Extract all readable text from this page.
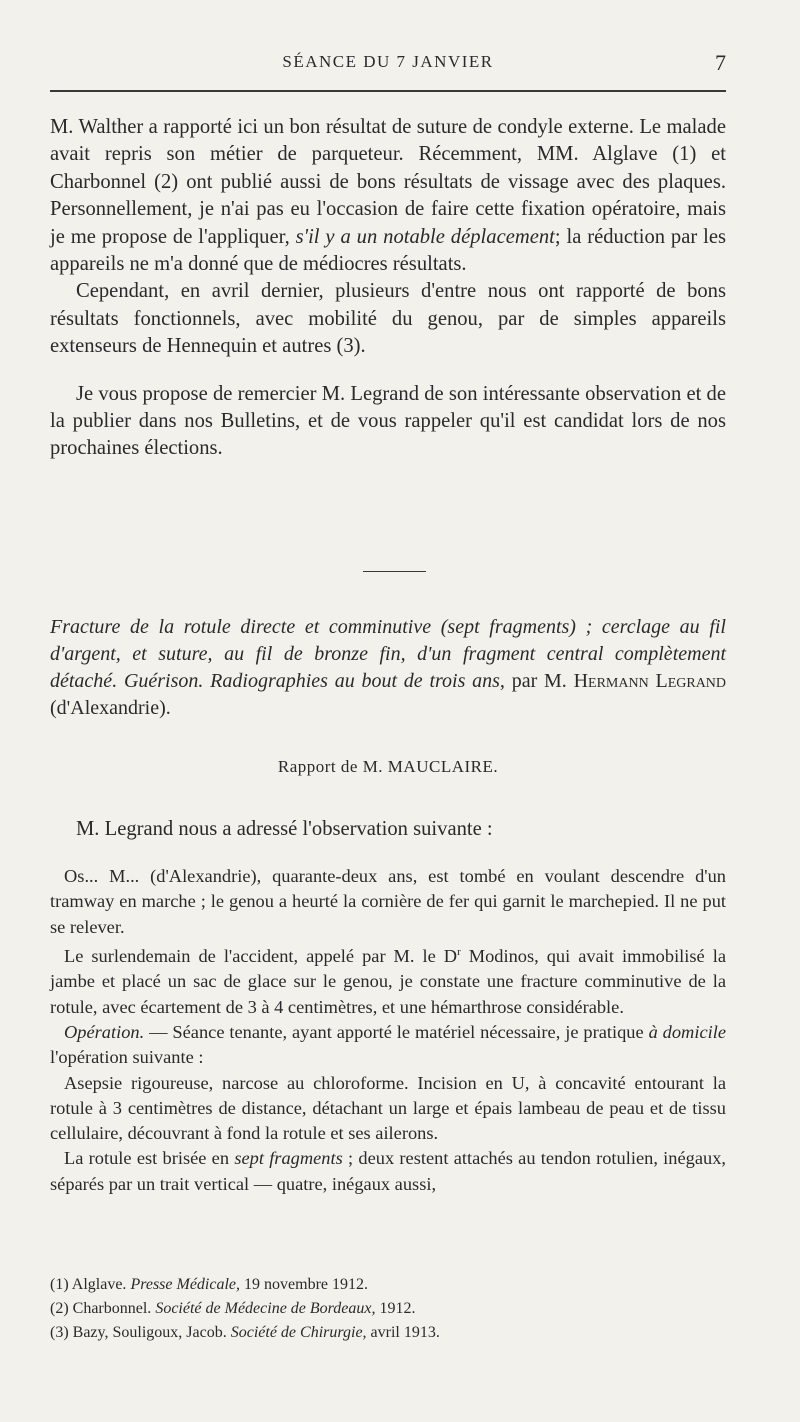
SÉANCE DU 7 JANVIER	7

M. Walther a rapporté ici un bon résultat de suture de condyle externe. Le malade avait repris son métier de parqueteur. Récemment, MM. Alglave (1) et Charbonnel (2) ont publié aussi de bons résultats de vissage avec des plaques. Personnellement, je n'ai pas eu l'occasion de faire cette fixation opératoire, mais je me propose de l'appliquer, s'il y a un notable déplacement; la réduction par les appareils ne m'a donné que de médiocres résultats.

Cependant, en avril dernier, plusieurs d'entre nous ont rapporté de bons résultats fonctionnels, avec mobilité du genou, par de simples appareils extenseurs de Hennequin et autres (3).

Je vous propose de remercier M. Legrand de son intéressante observation et de la publier dans nos Bulletins, et de vous rappeler qu'il est candidat lors de nos prochaines élections.

Fracture de la rotule directe et comminutive (sept fragments) ; cerclage au fil d'argent, et suture, au fil de bronze fin, d'un fragment central complètement détaché. Guérison. Radiographies au bout de trois ans, par M. Hermann Legrand (d'Alexandrie).
Rapport de M. MAUCLAIRE.
M. Legrand nous a adressé l'observation suivante :

Os... M... (d'Alexandrie), quarante-deux ans, est tombé en voulant descendre d'un tramway en marche ; le genou a heurté la cornière de fer qui garnit le marchepied. Il ne put se relever.

Le surlendemain de l'accident, appelé par M. le $D^r$ Modinos, qui avait immobilisé la jambe et placé un sac de glace sur le genou, je constate une fracture comminutive de la rotule, avec écartement de 3 à 4 centimètres, et une hémarthrose considérable.

Opération. — Séance tenante, ayant apporté le matériel nécessaire, je pratique à domicile l'opération suivante :

Asepsie rigoureuse, narcose au chloroforme. Incision en U, à concavité entourant la rotule à 3 centimètres de distance, détachant un large et épais lambeau de peau et de tissu cellulaire, découvrant à fond la rotule et ses ailerons.

La rotule est brisée en sept fragments ; deux restent attachés au tendon rotulien, inégaux, séparés par un trait vertical — quatre, inégaux aussi,

(1) Alglave. Presse Médicale, 19 novembre 1912.

(2) Charbonnel. Société de Médecine de Bordeaux, 1912.

(3) Bazy, Souligoux, Jacob. Société de Chirurgie, avril 1913.
